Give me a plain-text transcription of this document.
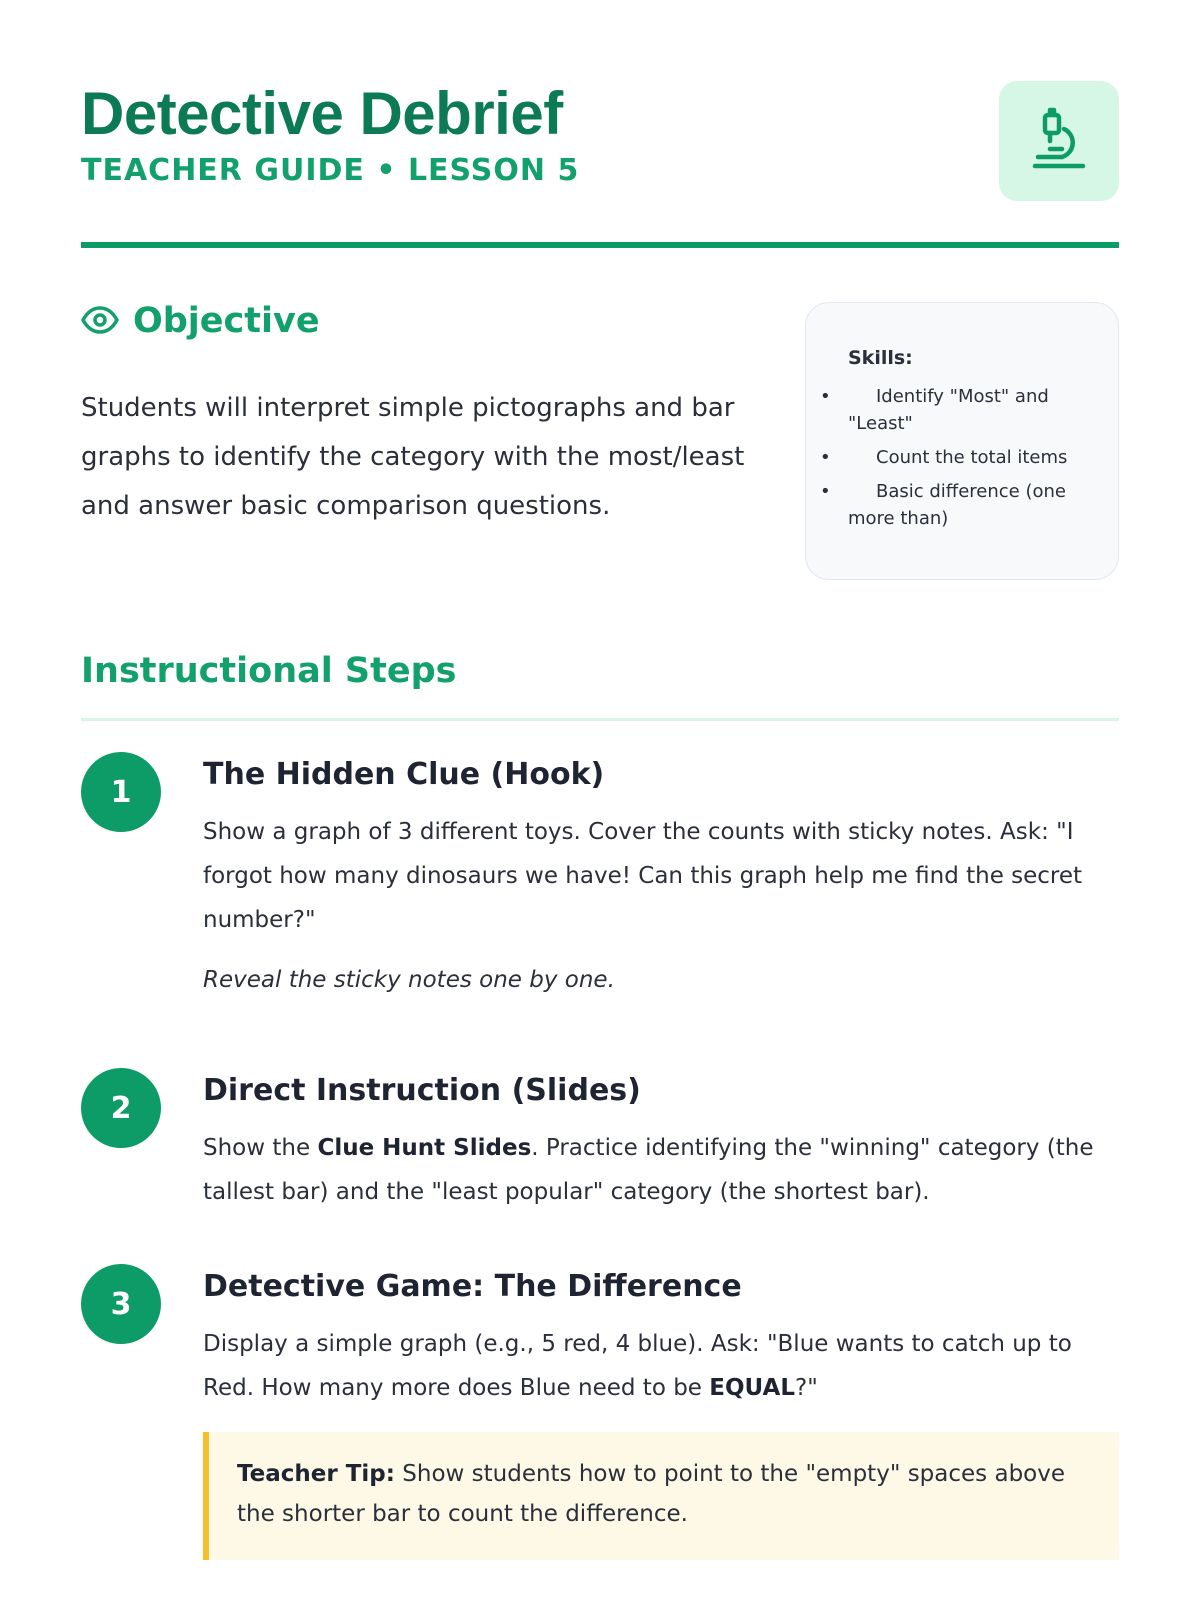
Detective Debrief
TEACHER GUIDE • LESSON 5
Objective

Students will interpret simple pictographs and bar graphs to identify the category with the most/least and answer basic comparison questions.

Skills:
• Identify "Most" and "Least"
• Count the total items
• Basic difference (one more than)
Instructional Steps
1	The Hidden Clue (Hook)

Show a graph of 3 different toys. Cover the counts with sticky notes. Ask: "I forgot how many dinosaurs we have! Can this graph help me find the secret number?"

Reveal the sticky notes one by one.

2	Direct Instruction (Slides)

Show the Clue Hunt Slides. Practice identifying the "winning" category (the tallest bar) and the "least popular" category (the shortest bar).

3	Detective Game: The Difference

Display a simple graph (e.g., 5 red, 4 blue). Ask: "Blue wants to catch up to Red. How many more does Blue need to be EQUAL?"

Teacher Tip: Show students how to point to the "empty" spaces above the shorter bar to count the difference.
